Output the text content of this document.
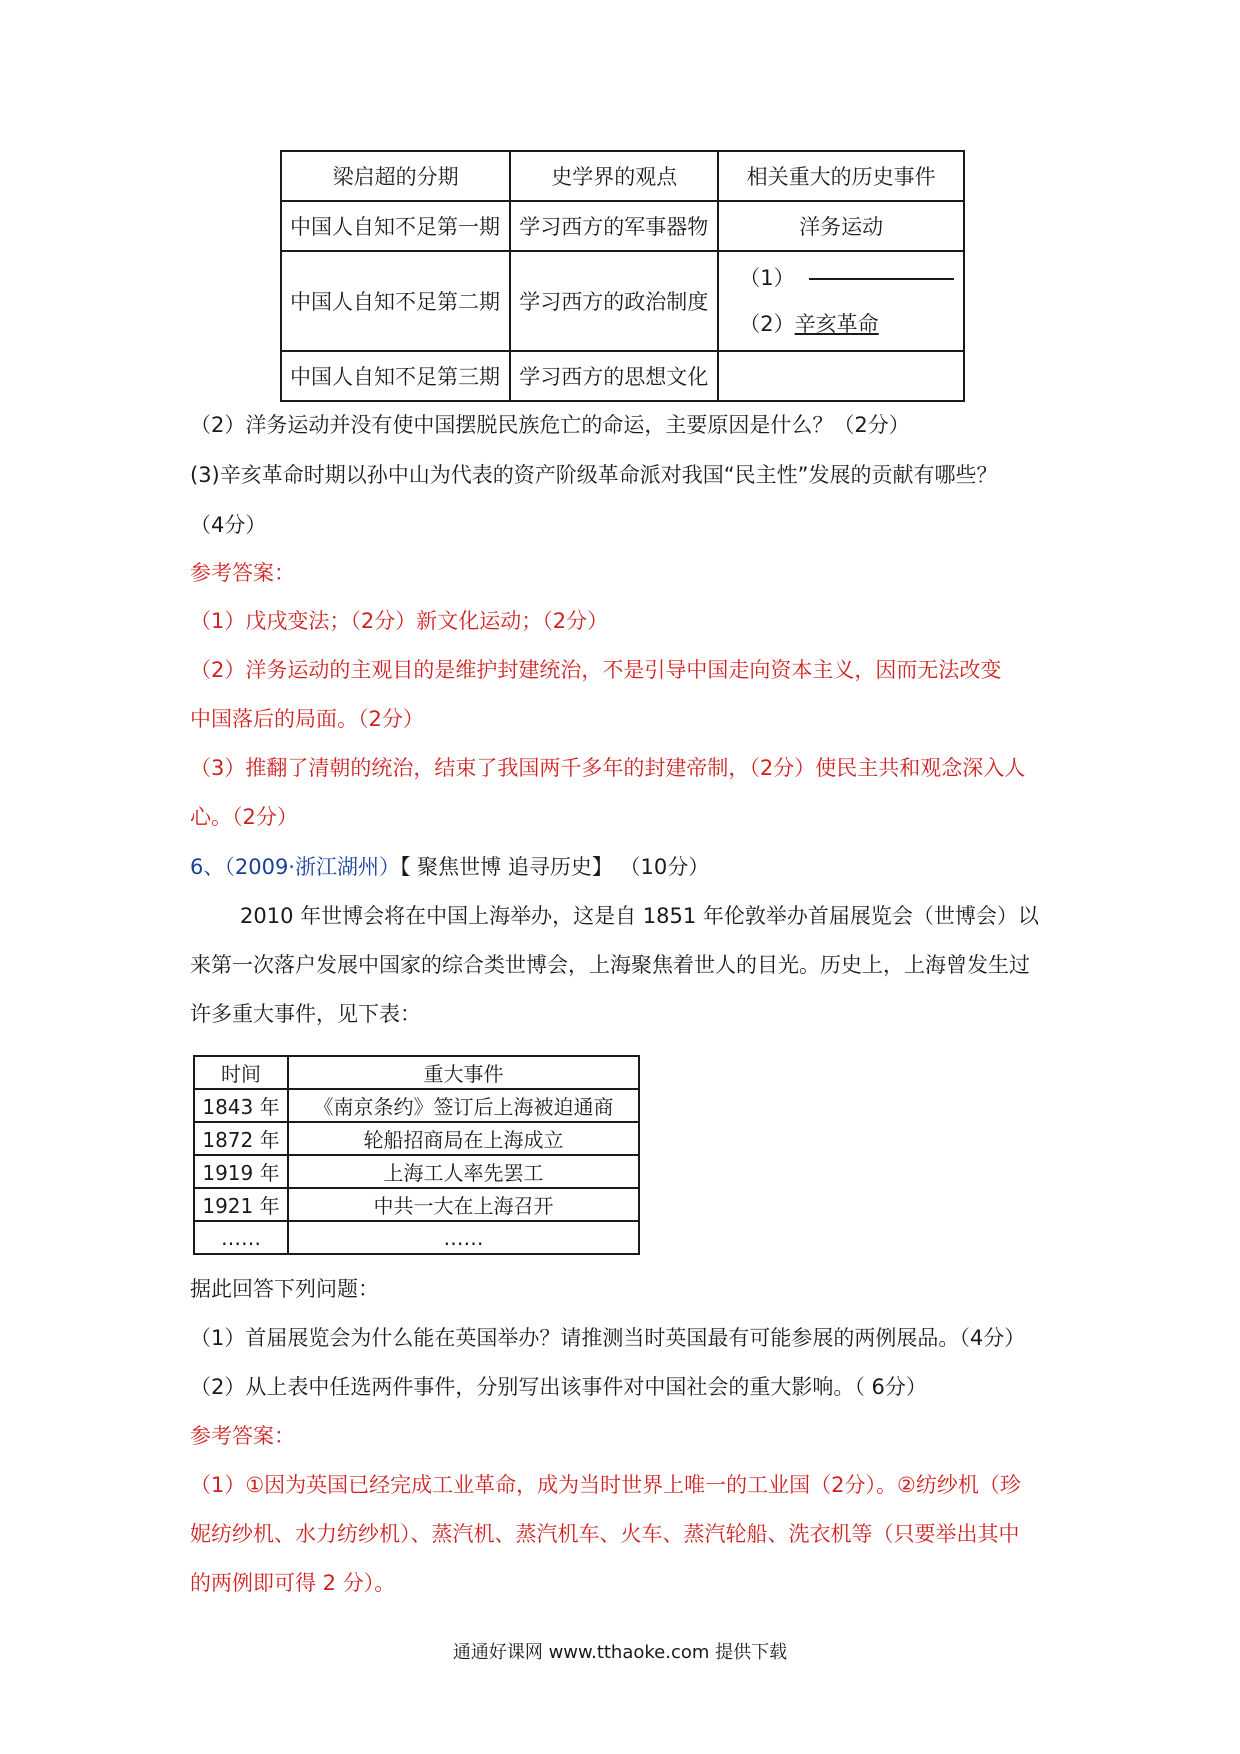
梁启超的分期	史学界的观点	相关重大的历史事件
中国人自知不足第一期	学习西方的军事器物	洋务运动
中国人自知不足第二期	学习西方的政治制度	（1）
（2）辛亥革命

中国人自知不足第三期	学习西方的思想文化	
（2）洋务运动并没有使中国摆脱民族危亡的命运，主要原因是什么？（2分）
(3)辛亥革命时期以孙中山为代表的资产阶级革命派对我国“民主性”发展的贡献有哪些？
（4分）
参考答案：
（1）戊戌变法；（2分）新文化运动；（2分）
（2）洋务运动的主观目的是维护封建统治，不是引导中国走向资本主义，因而无法改变
中国落后的局面。（2分）
（3）推翻了清朝的统治，结束了我国两千多年的封建帝制，（2分）使民主共和观念深入人
心。（2分）
6、（2009·浙江湖州）【 聚焦世博 追寻历史】 （10分）
2010 年世博会将在中国上海举办，这是自 1851 年伦敦举办首届展览会（世博会）以
来第一次落户发展中国家的综合类世博会，上海聚焦着世人的目光。历史上，上海曾发生过
许多重大事件，见下表：
时间	重大事件
1843 年	《南京条约》签订后上海被迫通商
1872 年	轮船招商局在上海成立
1919 年	上海工人率先罢工
1921 年	中共一大在上海召开
……	……
据此回答下列问题：
（1）首届展览会为什么能在英国举办？请推测当时英国最有可能参展的两例展品。（4分）
（2）从上表中任选两件事件，分别写出该事件对中国社会的重大影响。（ 6分）
参考答案：
（1）①因为英国已经完成工业革命，成为当时世界上唯一的工业国（2分）。②纺纱机（珍
妮纺纱机、水力纺纱机）、蒸汽机、蒸汽机车、火车、蒸汽轮船、洗衣机等（只要举出其中
的两例即可得 2 分）。
通通好课网 www.tthaoke.com 提供下载
